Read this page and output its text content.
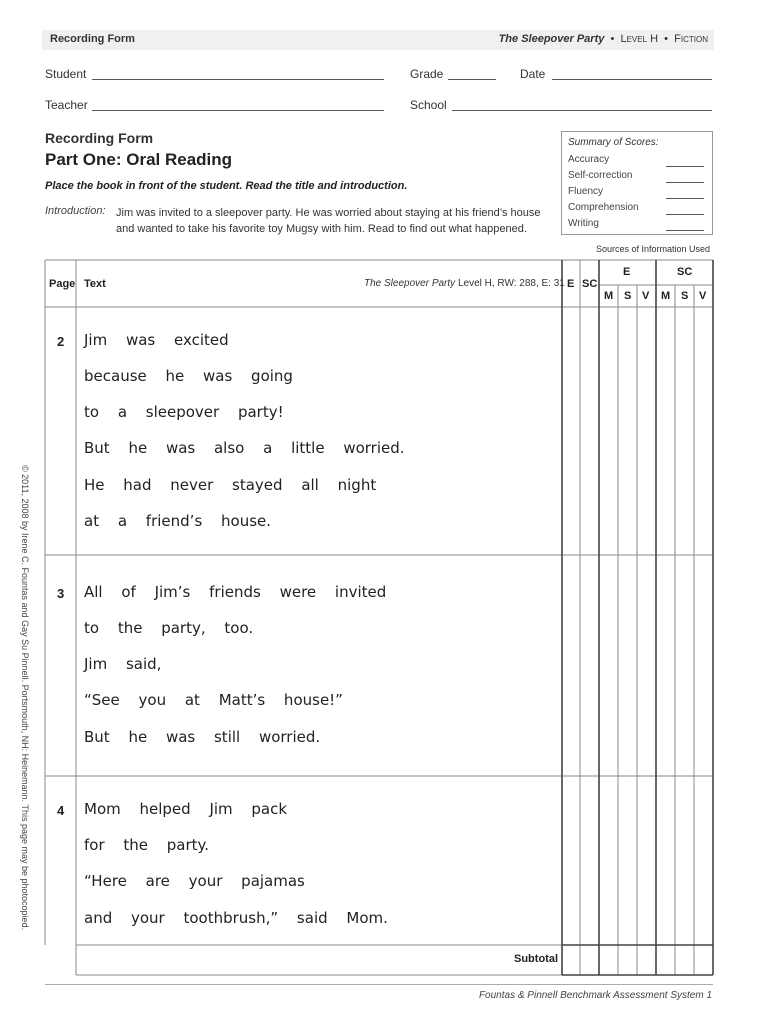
Recording Form	The Sleepover Party • Level H • Fiction
Student	Grade	Date
Teacher	School
Recording Form
Part One: Oral Reading
Place the book in front of the student. Read the title and introduction.
Introduction: Jim was invited to a sleepover party. He was worried about staying at his friend’s house and wanted to take his favorite toy Mugsy with him. Read to find out what happened.
Summary of Scores:
Accuracy
Self-correction
Fluency
Comprehension
Writing
Sources of Information Used
Page Text	The Sleepover Party Level H, RW: 288, E: 31 E SC
E	SC
M S V M S V
2 Jim was excited
because he was going
to a sleepover party!
But he was also a little worried.
He had never stayed all night
at a friend’s house.
3 All of Jim’s friends were invited
to the party, too.
Jim said,
“See you at Matt’s house!”
But he was still worried.
4 Mom helped Jim pack
for the party.
“Here are your pajamas
and your toothbrush,” said Mom.
Subtotal
© 2011, 2008 by Irene C. Fountas and Gay Su Pinnell. Portsmouth, NH: Heinemann. This page may be photocopied.
Fountas & Pinnell Benchmark Assessment System 1
